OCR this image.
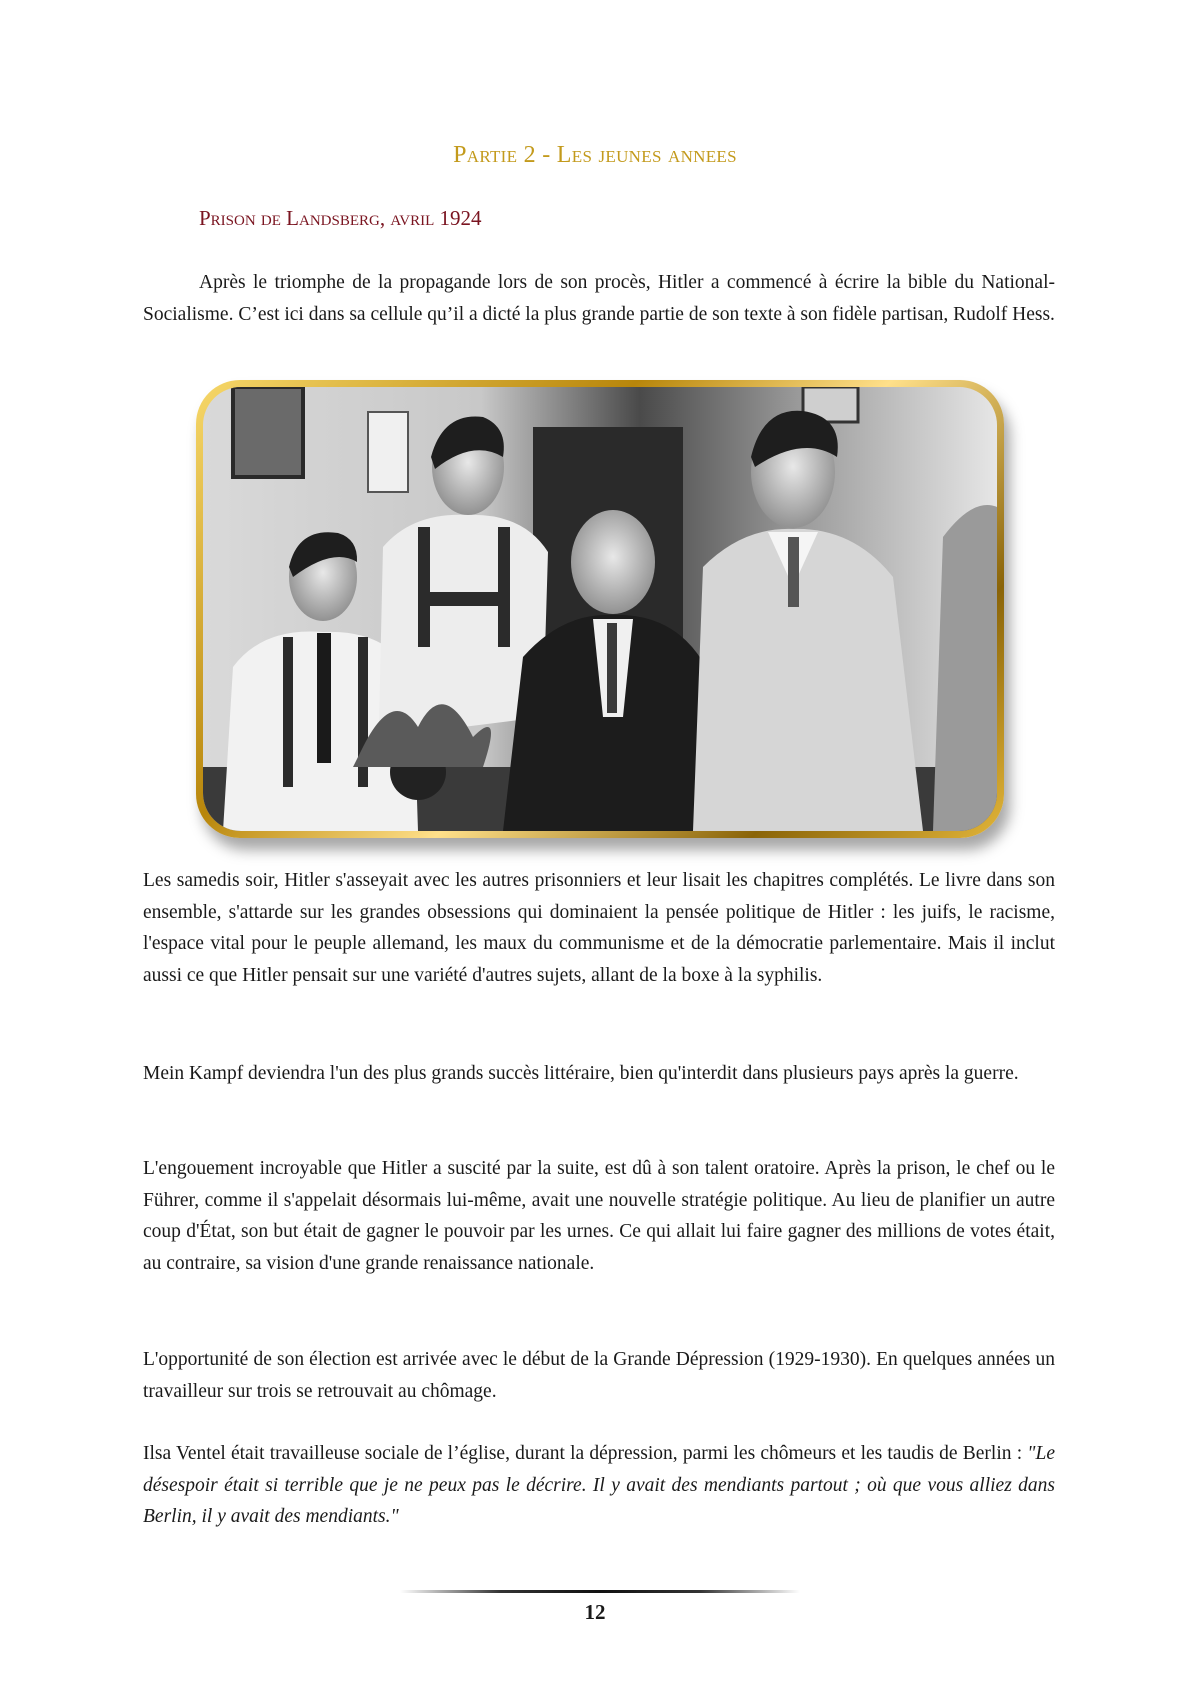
Partie 2 - Les jeunes annees
Prison de Landsberg, avril 1924

Après le triomphe de la propagande lors de son procès, Hitler a commencé à écrire la bible du National-Socialisme. C’est ici dans sa cellule qu’il a dicté la plus grande partie de son texte à son fidèle partisan, Rudolf Hess.

Les samedis soir, Hitler s'asseyait avec les autres prisonniers et leur lisait les chapitres complétés. Le livre dans son ensemble, s'attarde sur les grandes obsessions qui dominaient la pensée politique de Hitler : les juifs, le racisme, l'espace vital pour le peuple allemand, les maux du communisme et de la démocratie parlementaire. Mais il inclut aussi ce que Hitler pensait sur une variété d'autres sujets, allant de la boxe à la syphilis.

Mein Kampf deviendra l'un des plus grands succès littéraire, bien qu'interdit dans plusieurs pays après la guerre.

L'engouement incroyable que Hitler a suscité par la suite, est dû à son talent oratoire. Après la prison, le chef ou le Führer, comme il s'appelait désormais lui-même, avait une nouvelle stratégie politique. Au lieu de planifier un autre coup d'État, son but était de gagner le pouvoir par les urnes. Ce qui allait lui faire gagner des millions de votes était, au contraire, sa vision d'une grande renaissance nationale.

L'opportunité de son élection est arrivée avec le début de la Grande Dépression (1929-1930). En quelques années un travailleur sur trois se retrouvait au chômage.

Ilsa Ventel était travailleuse sociale de l’église, durant la dépression, parmi les chômeurs et les taudis de Berlin : "Le désespoir était si terrible que je ne peux pas le décrire. Il y avait des mendiants partout ; où que vous alliez dans Berlin, il y avait des mendiants."

12
